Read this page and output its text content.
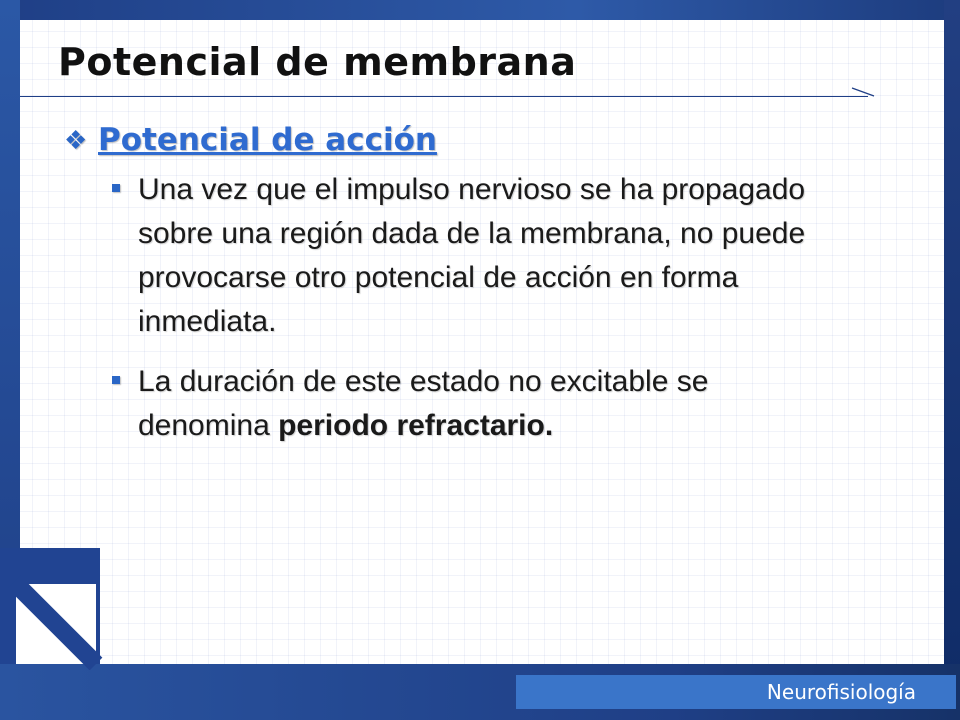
Potencial de membrana
❖ Potencial de acción
Una vez que el impulso nervioso se ha propagado sobre una región dada de la membrana, no puede provocarse otro potencial de acción en forma inmediata.
La duración de este estado no excitable se denomina periodo refractario.
Neurofisiología
